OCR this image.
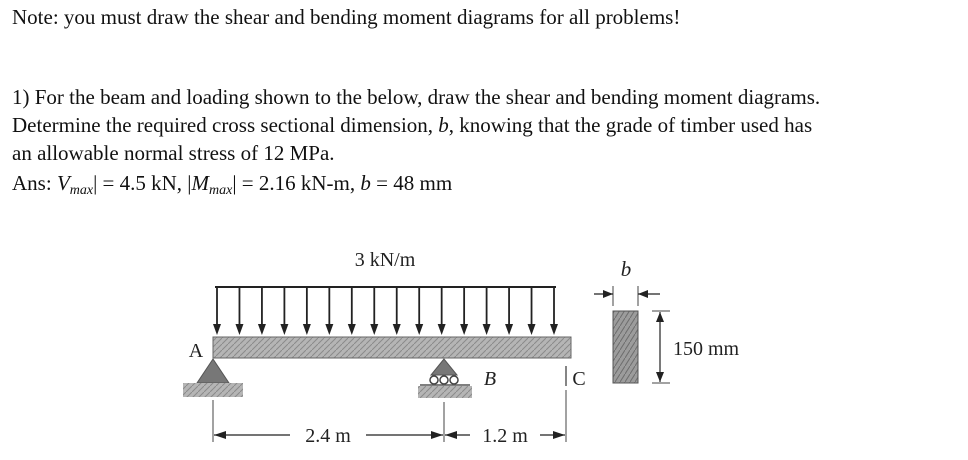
Note: you must draw the shear and bending moment diagrams for all problems!
1) For the beam and loading shown to the below, draw the shear and bending moment diagrams.
Determine the required cross sectional dimension, b, knowing that the grade of timber used has
an allowable normal stress of 12 MPa.
Ans: Vmax| = 4.5 kN, |Mmax| = 2.16 kN-m, b = 48 mm
3 kN/m
A
B	C
2.4 m	1.2 m
b
150 mm
